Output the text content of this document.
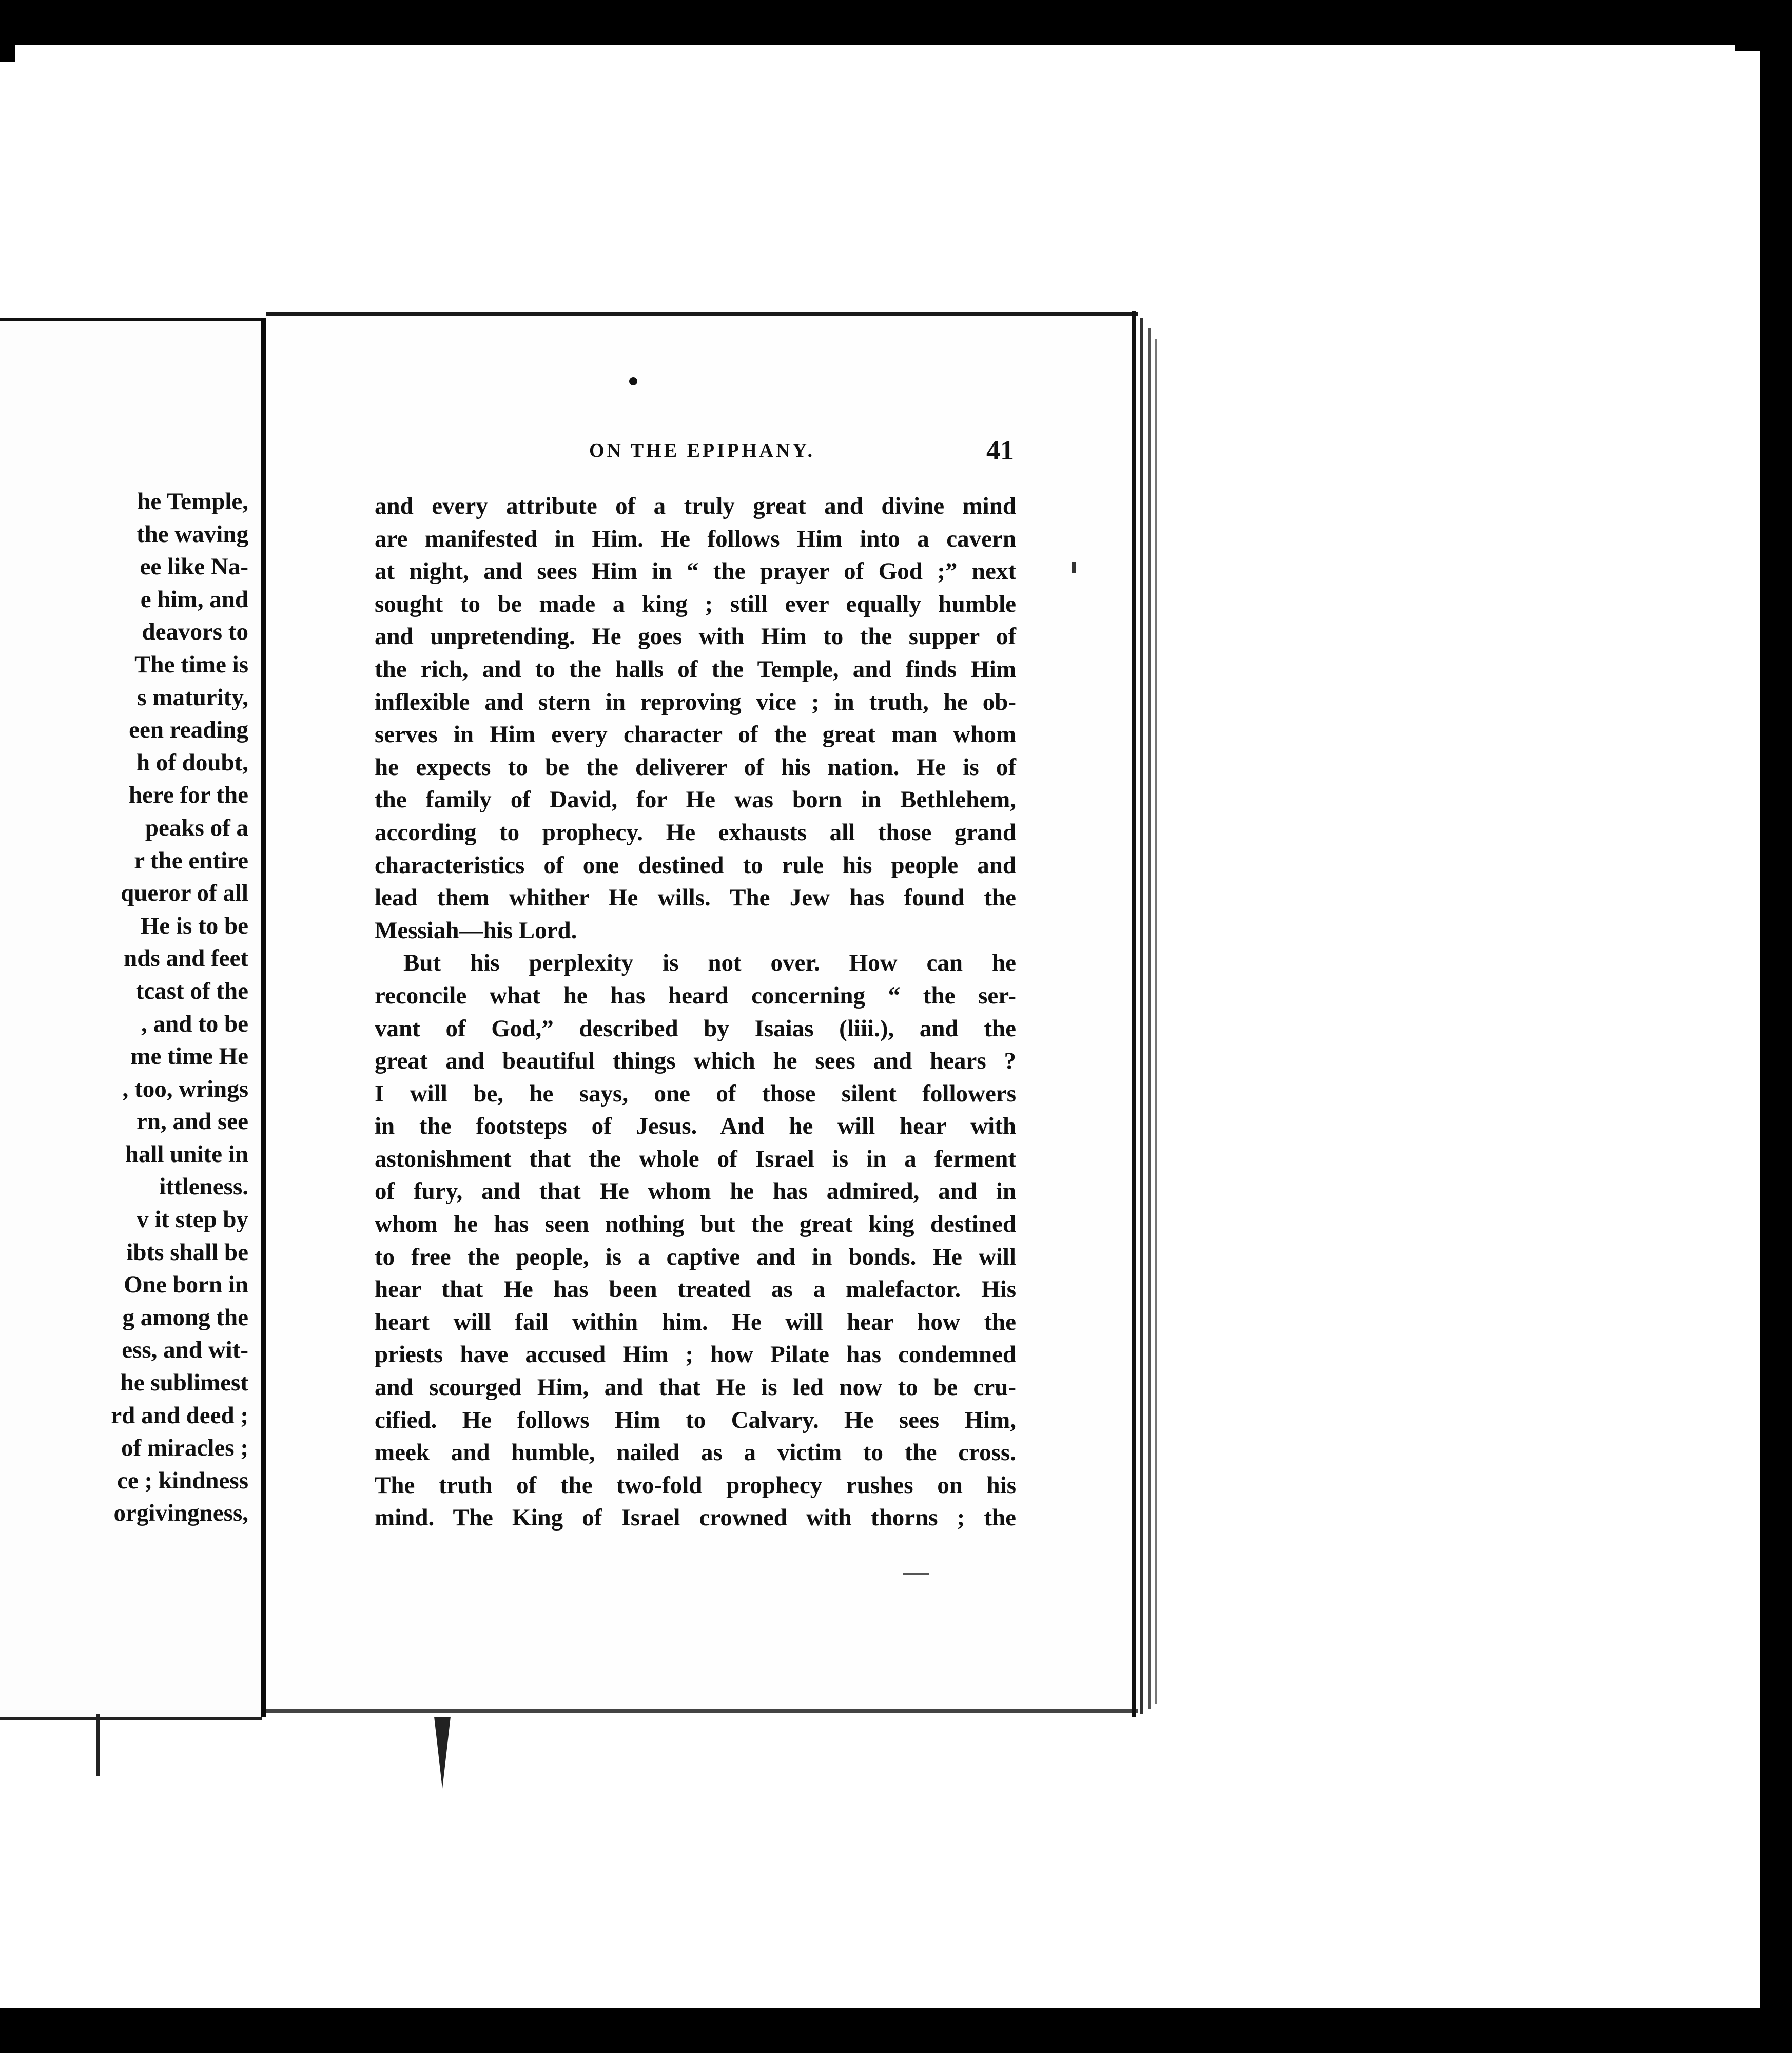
he Temple,
the waving
ee like Na-
e him, and
deavors to
The time is
s maturity,
een reading
h of doubt,
here for the
peaks of a
r the entire
queror of all
He is to be
nds and feet
tcast of the
, and to be
me time He
, too, wrings
rn, and see
hall unite in
ittleness.
v it step by
ibts shall be
One born in
g among the
ess, and wit-
he sublimest
rd and deed ;
of miracles ;
ce ; kindness
orgivingness,
ON THE EPIPHANY.	41
and every attribute of a truly great and divine mind
are manifested in Him. He follows Him into a cavern
at night, and sees Him in “ the prayer of God ;” next
sought to be made a king ; still ever equally humble
and unpretending. He goes with Him to the supper of
the rich, and to the halls of the Temple, and finds Him
inflexible and stern in reproving vice ; in truth, he ob-
serves in Him every character of the great man whom
he expects to be the deliverer of his nation. He is of
the family of David, for He was born in Bethlehem,
according to prophecy. He exhausts all those grand
characteristics of one destined to rule his people and
lead them whither He wills. The Jew has found the
Messiah—his Lord.
But his perplexity is not over. How can he
reconcile what he has heard concerning “ the ser-
vant of God,” described by Isaias (liii.), and the
great and beautiful things which he sees and hears ?
I will be, he says, one of those silent followers
in the footsteps of Jesus. And he will hear with
astonishment that the whole of Israel is in a ferment
of fury, and that He whom he has admired, and in
whom he has seen nothing but the great king destined
to free the people, is a captive and in bonds. He will
hear that He has been treated as a malefactor. His
heart will fail within him. He will hear how the
priests have accused Him ; how Pilate has condemned
and scourged Him, and that He is led now to be cru-
cified. He follows Him to Calvary. He sees Him,
meek and humble, nailed as a victim to the cross.
The truth of the two-fold prophecy rushes on his
mind. The King of Israel crowned with thorns ; the
